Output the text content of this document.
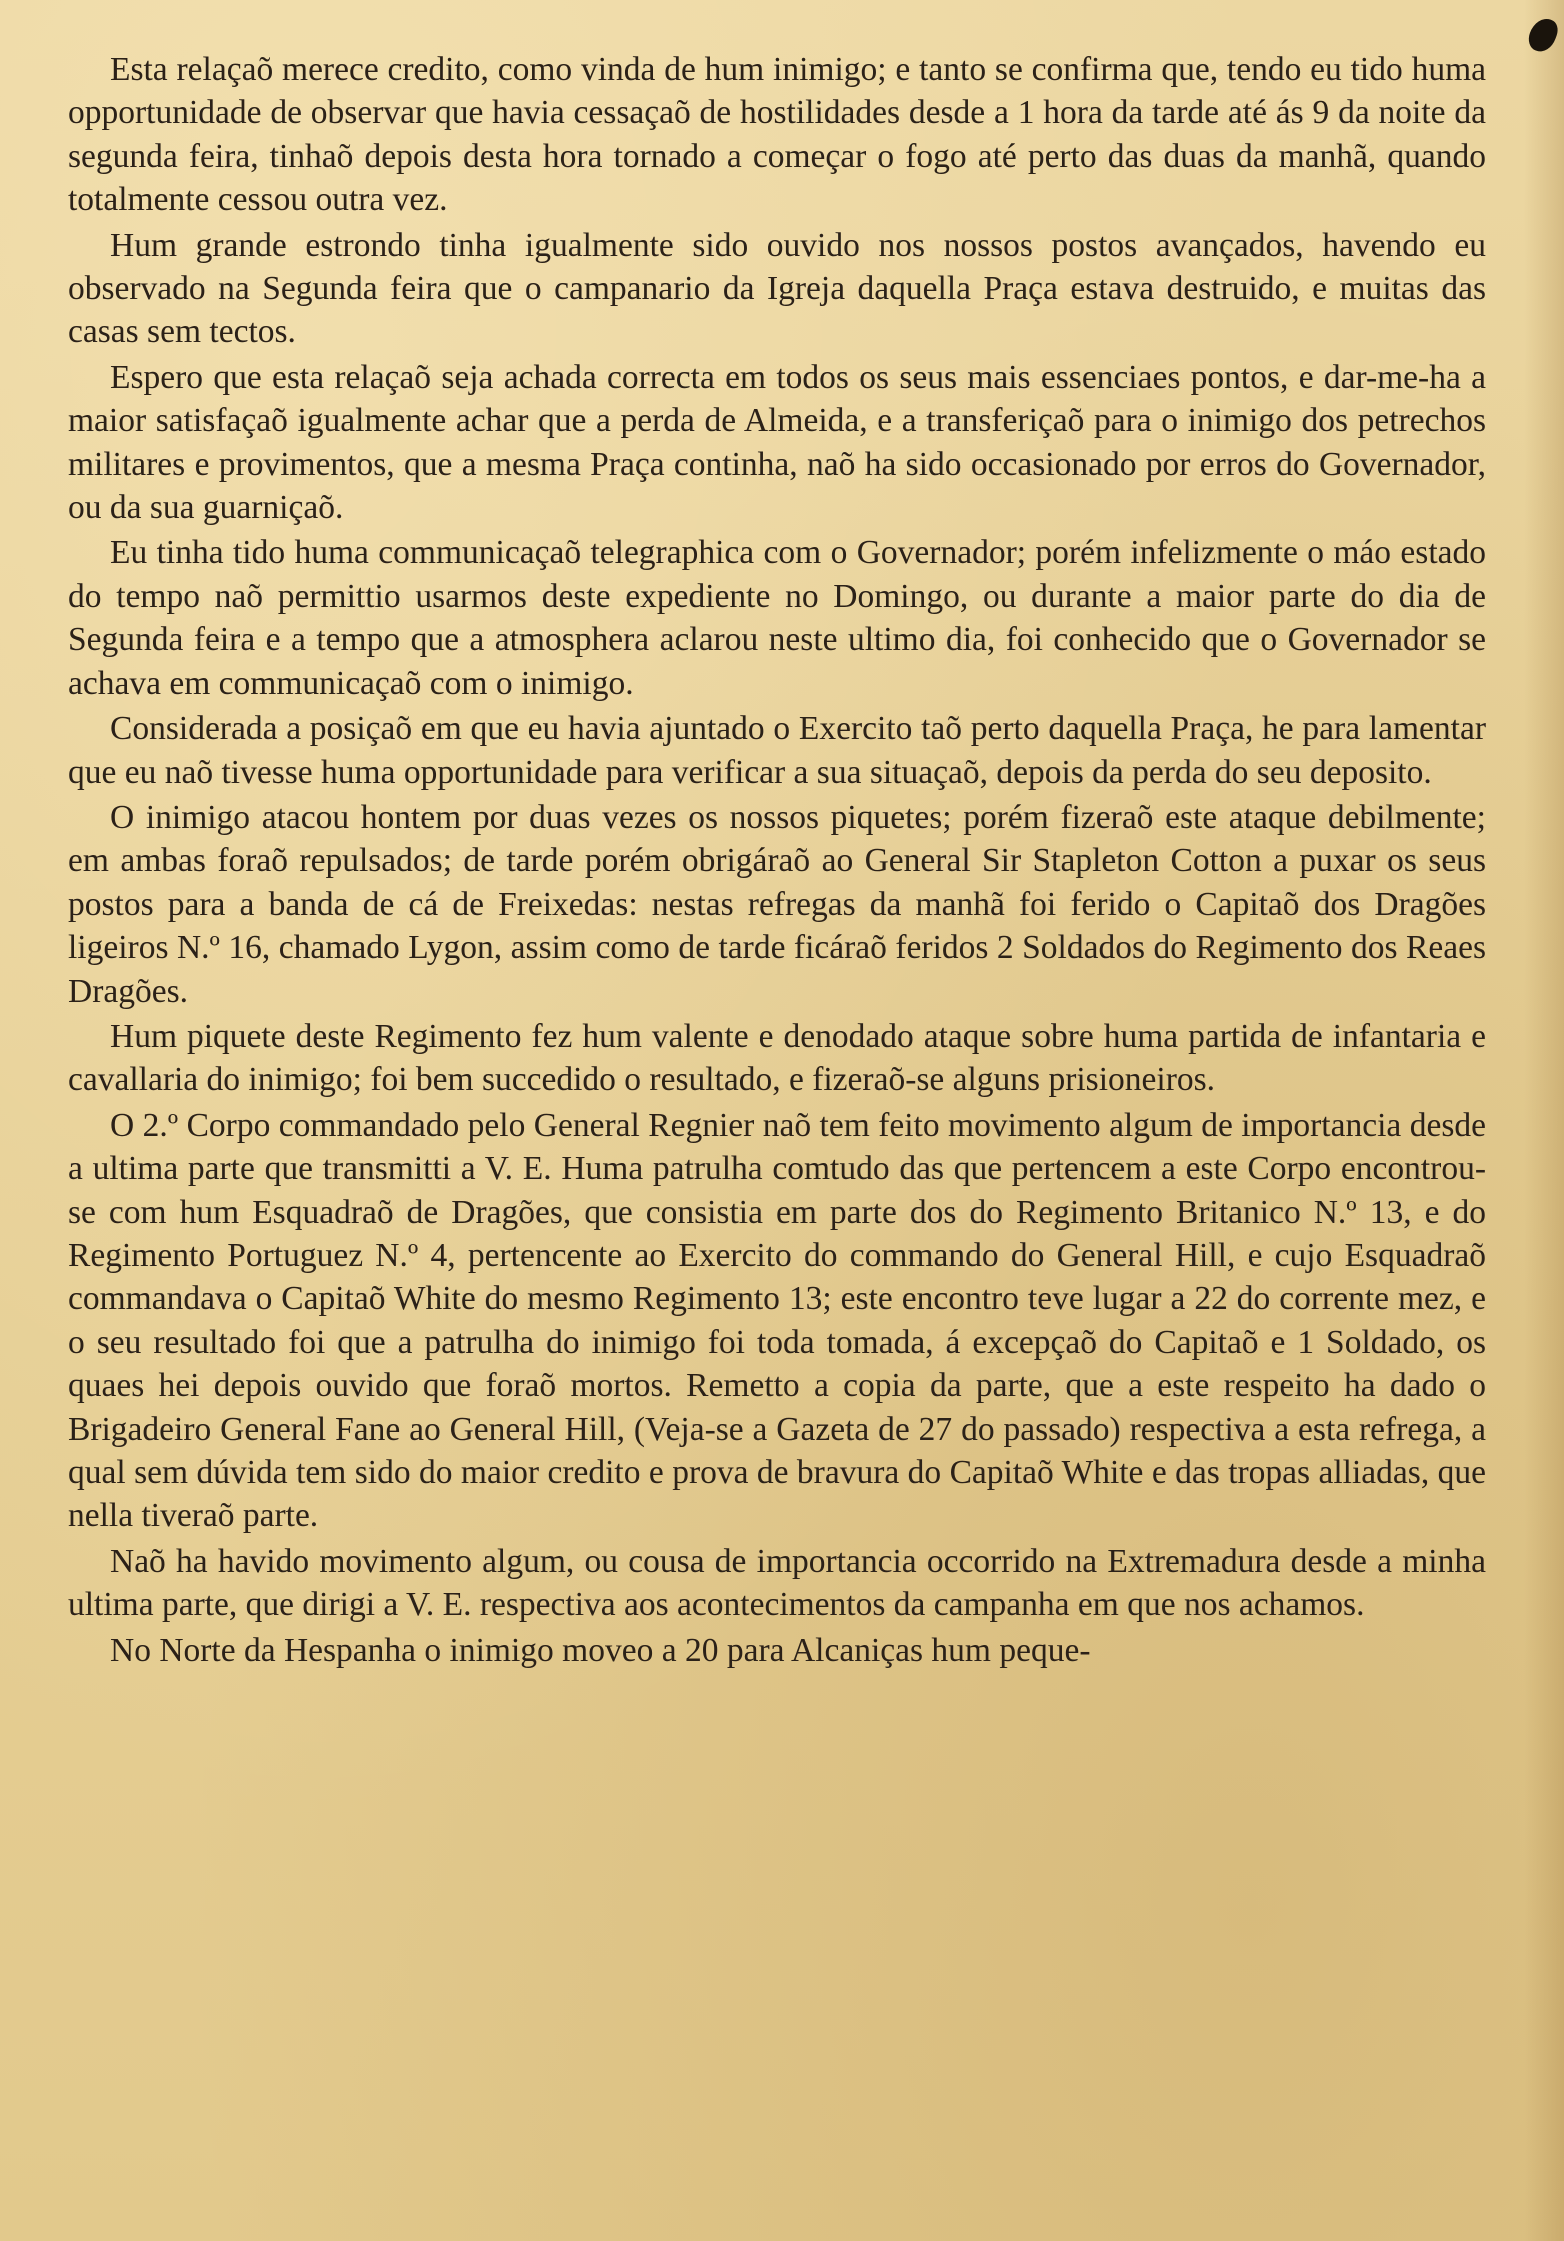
Esta relaçaõ merece credito, como vinda de hum inimigo; e tanto se confirma que, tendo eu tido huma opportunidade de observar que havia cessaçaõ de hostilidades desde a 1 hora da tarde até ás 9 da noite da segunda feira, tinhaõ depois desta hora tornado a começar o fogo até perto das duas da manhã, quando totalmente cessou outra vez.

Hum grande estrondo tinha igualmente sido ouvido nos nossos postos avançados, havendo eu observado na Segunda feira que o campanario da Igreja daquella Praça estava destruido, e muitas das casas sem tectos.

Espero que esta relaçaõ seja achada correcta em todos os seus mais essenciaes pontos, e dar-me-ha a maior satisfaçaõ igualmente achar que a perda de Almeida, e a transferiçaõ para o inimigo dos petrechos militares e provimentos, que a mesma Praça continha, naõ ha sido occasionado por erros do Governador, ou da sua guarniçaõ.

Eu tinha tido huma communicaçaõ telegraphica com o Governador; porém infelizmente o máo estado do tempo naõ permittio usarmos deste expediente no Domingo, ou durante a maior parte do dia de Segunda feira e a tempo que a atmosphera aclarou neste ultimo dia, foi conhecido que o Governador se achava em communicaçaõ com o inimigo.

Considerada a posiçaõ em que eu havia ajuntado o Exercito taõ perto daquella Praça, he para lamentar que eu naõ tivesse huma opportunidade para verificar a sua situaçaõ, depois da perda do seu deposito.

O inimigo atacou hontem por duas vezes os nossos piquetes; porém fizeraõ este ataque debilmente; em ambas foraõ repulsados; de tarde porém obrigáraõ ao General Sir Stapleton Cotton a puxar os seus postos para a banda de cá de Freixedas: nestas refregas da manhã foi ferido o Capitaõ dos Dragões ligeiros N.º 16, chamado Lygon, assim como de tarde ficáraõ feridos 2 Soldados do Regimento dos Reaes Dragões.

Hum piquete deste Regimento fez hum valente e denodado ataque sobre huma partida de infantaria e cavallaria do inimigo; foi bem succedido o resultado, e fizeraõ-se alguns prisioneiros.

O 2.º Corpo commandado pelo General Regnier naõ tem feito movimento algum de importancia desde a ultima parte que transmitti a V. E. Huma patrulha comtudo das que pertencem a este Corpo encontrou-se com hum Esquadraõ de Dragões, que consistia em parte dos do Regimento Britanico N.º 13, e do Regimento Portuguez N.º 4, pertencente ao Exercito do commando do General Hill, e cujo Esquadraõ commandava o Capitaõ White do mesmo Regimento 13; este encontro teve lugar a 22 do corrente mez, e o seu resultado foi que a patrulha do inimigo foi toda tomada, á excepçaõ do Capitaõ e 1 Soldado, os quaes hei depois ouvido que foraõ mortos. Remetto a copia da parte, que a este respeito ha dado o Brigadeiro General Fane ao General Hill, (Veja-se a Gazeta de 27 do passado) respectiva a esta refrega, a qual sem dúvida tem sido do maior credito e prova de bravura do Capitaõ White e das tropas alliadas, que nella tiveraõ parte.

Naõ ha havido movimento algum, ou cousa de importancia occorrido na Extremadura desde a minha ultima parte, que dirigi a V. E. respectiva aos acontecimentos da campanha em que nos achamos.

No Norte da Hespanha o inimigo moveo a 20 para Alcaniças hum peque-
